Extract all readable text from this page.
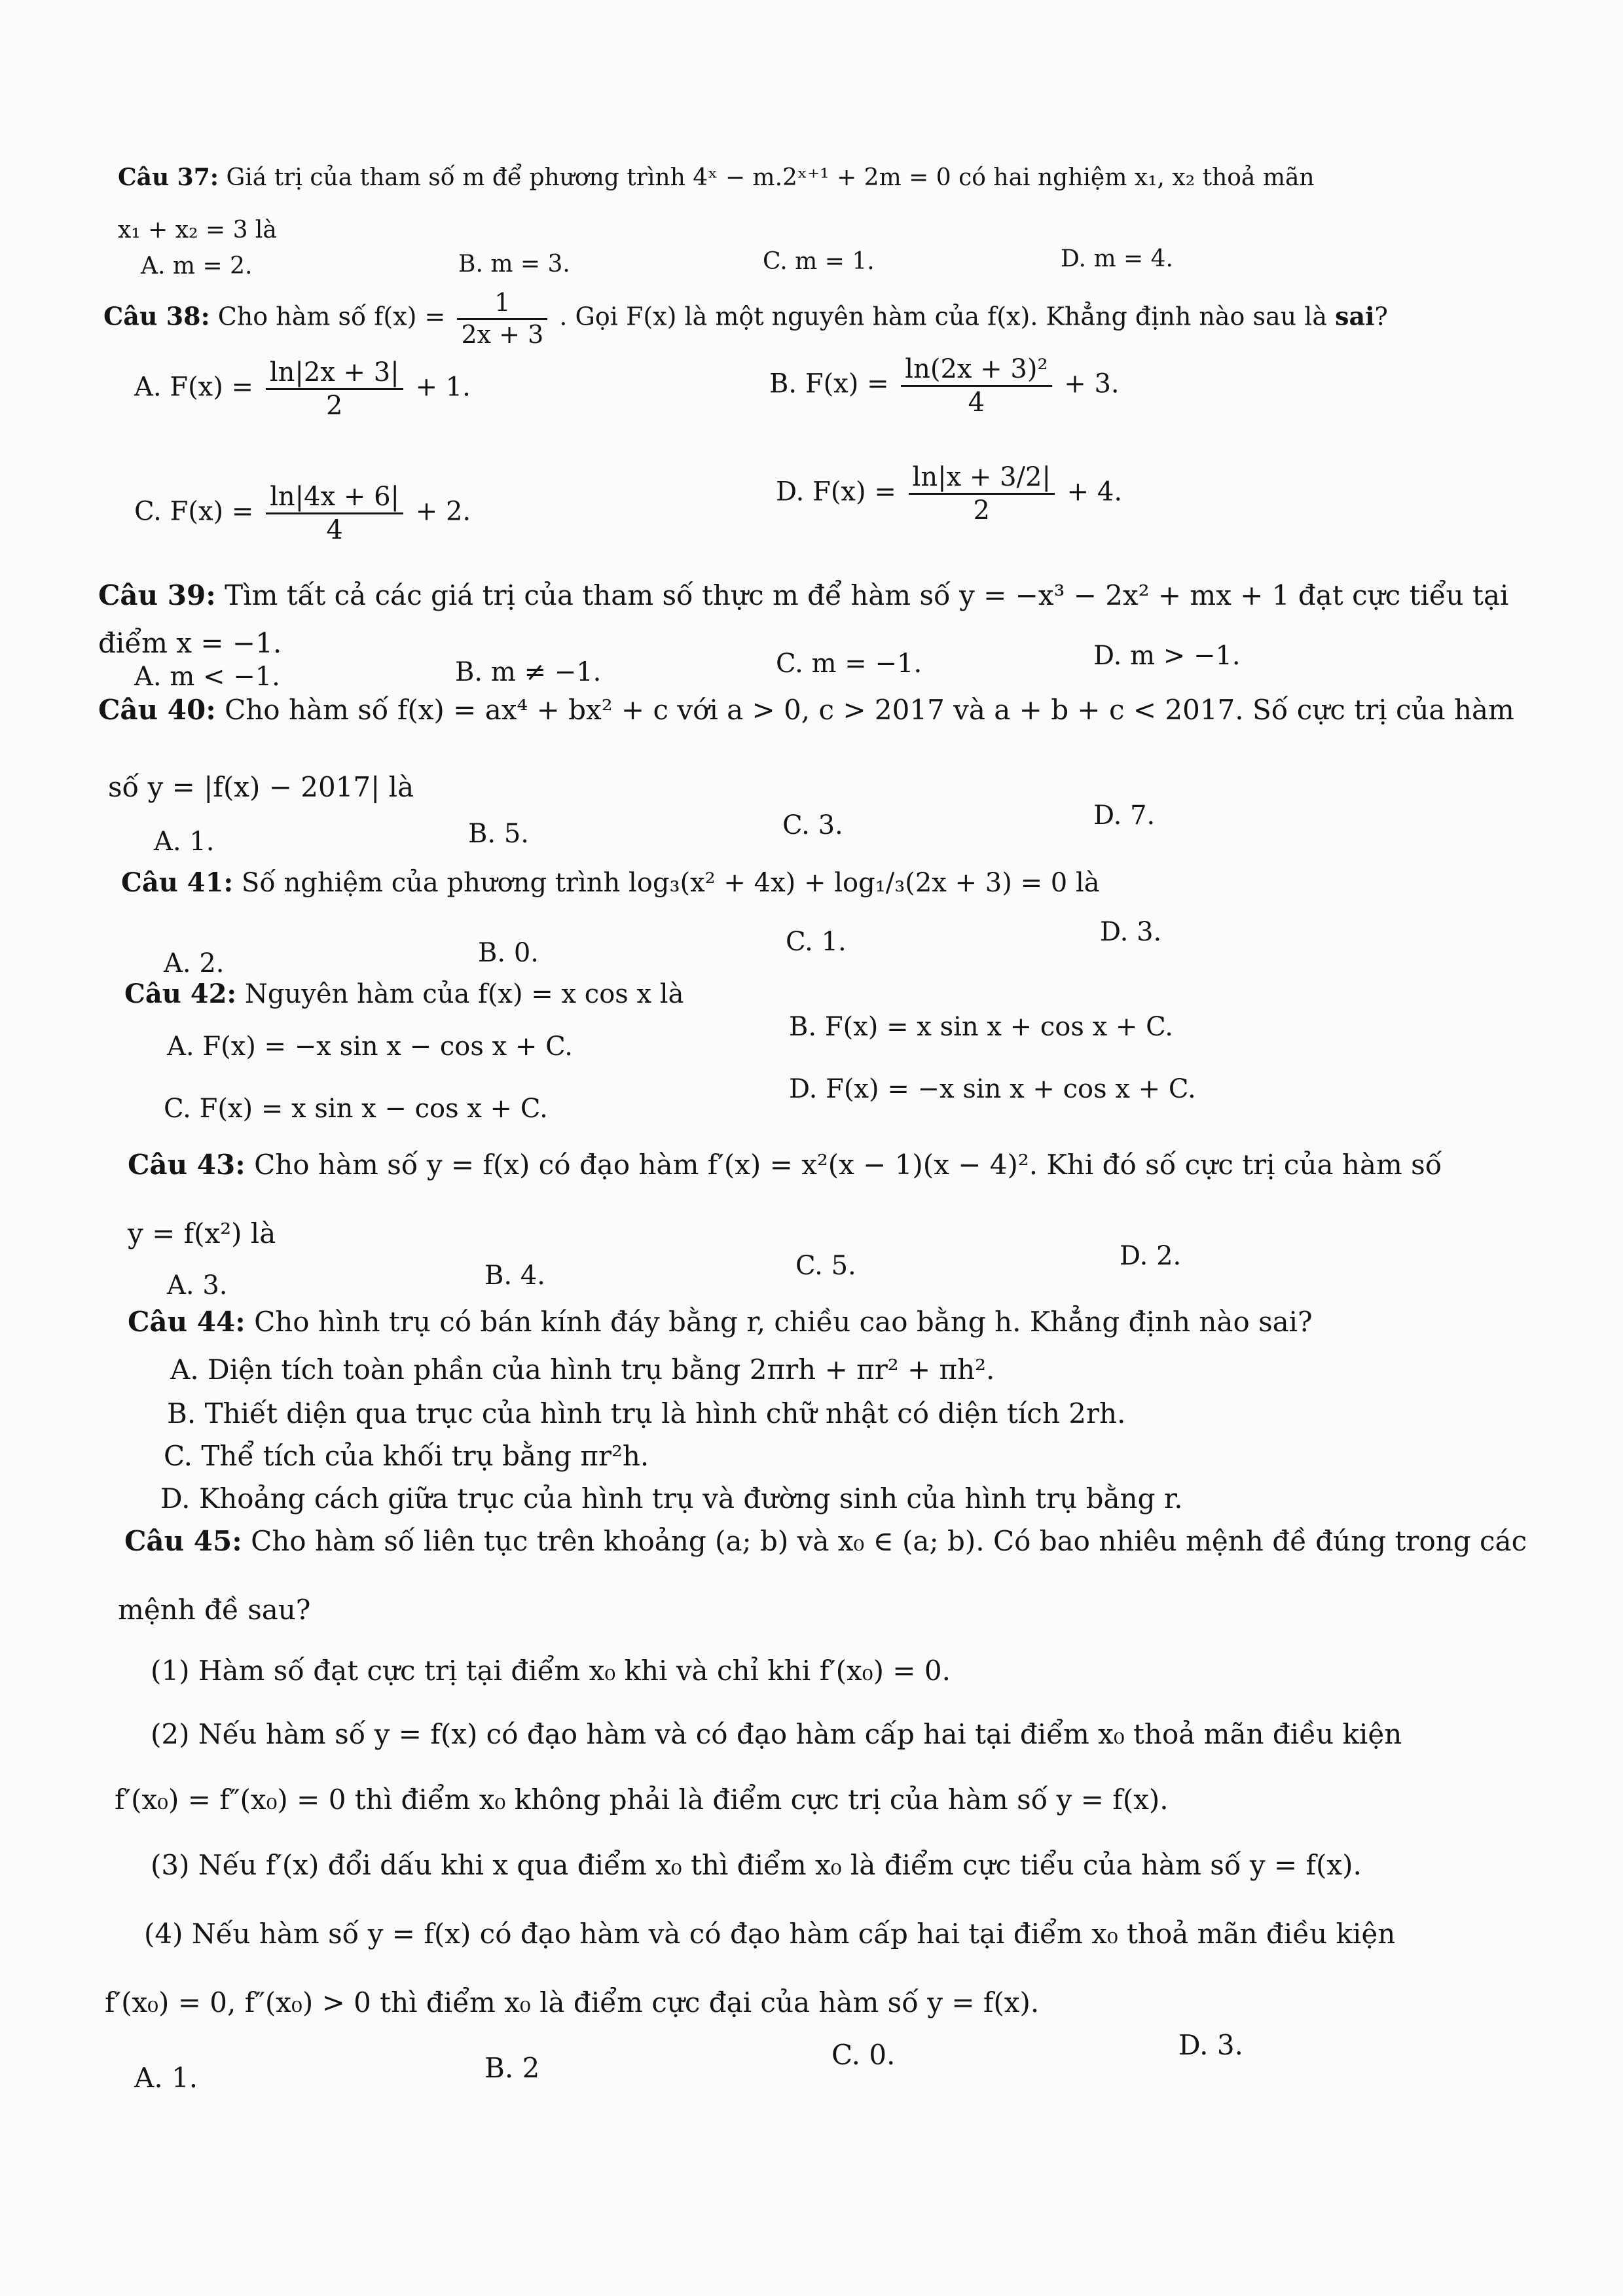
Câu 37: Giá trị của tham số m để phương trình 4ˣ − m.2ˣ⁺¹ + 2m = 0 có hai nghiệm x₁, x₂ thoả mãn
x₁ + x₂ = 3 là
A. m = 2.	B. m = 3.	C. m = 1.	D. m = 4.
Câu 38: Cho hàm số $f(x) = \frac{1}{2x + 3}$ . Gọi F(x) là một nguyên hàm của f(x). Khẳng định nào sau là sai?
A. $F(x) = \frac{\ln|2x + 3|}{2} + 1$.	B. $F(x) = \frac{\text{ln(2x + 3)²}}{4} + 3$.
C. $F(x) = \frac{\ln|4x + 6|}{4} + 2$.
D. $F(x) = \frac{\ln|x + 3/2|}{2} + 4$.
Câu 39: Tìm tất cả các giá trị của tham số thực m để hàm số y = −x³ − 2x² + mx + 1 đạt cực tiểu tại
điểm x = −1.
A. m < −1.	B. m ≠ −1.	C. m = −1.	D. m > −1.
Câu 40: Cho hàm số f(x) = ax⁴ + bx² + c với a > 0, c > 2017 và a + b + c < 2017. Số cực trị của hàm
số y = |f(x) − 2017| là
A. 1.	B. 5.	C. 3.	D. 7.
Câu 41: Số nghiệm của phương trình log₃(x² + 4x) + log₁/₃(2x + 3) = 0 là
A. 2.	B. 0.	C. 1.	D. 3.
Câu 42: Nguyên hàm của f(x) = x cos x là
A. F(x) = −x sin x − cos x + C.
B. F(x) = x sin x + cos x + C.
C. F(x) = x sin x − cos x + C.
D. F(x) = −x sin x + cos x + C.
Câu 43: Cho hàm số y = f(x) có đạo hàm f′(x) = x²(x − 1)(x − 4)². Khi đó số cực trị của hàm số
y = f(x²) là
A. 3.	B. 4.	C. 5.	D. 2.
Câu 44: Cho hình trụ có bán kính đáy bằng r, chiều cao bằng h. Khẳng định nào sai?
A. Diện tích toàn phần của hình trụ bằng 2πrh + πr² + πh².
B. Thiết diện qua trục của hình trụ là hình chữ nhật có diện tích 2rh.
C. Thể tích của khối trụ bằng πr²h.
D. Khoảng cách giữa trục của hình trụ và đường sinh của hình trụ bằng r.
Câu 45: Cho hàm số liên tục trên khoảng (a; b) và x₀ ∈ (a; b). Có bao nhiêu mệnh đề đúng trong các
mệnh đề sau?
(1) Hàm số đạt cực trị tại điểm x₀ khi và chỉ khi f′(x₀) = 0.
(2) Nếu hàm số y = f(x) có đạo hàm và có đạo hàm cấp hai tại điểm x₀ thoả mãn điều kiện
f′(x₀) = f″(x₀) = 0 thì điểm x₀ không phải là điểm cực trị của hàm số y = f(x).
(3) Nếu f′(x) đổi dấu khi x qua điểm x₀ thì điểm x₀ là điểm cực tiểu của hàm số y = f(x).
(4) Nếu hàm số y = f(x) có đạo hàm và có đạo hàm cấp hai tại điểm x₀ thoả mãn điều kiện
f′(x₀) = 0, f″(x₀) > 0 thì điểm x₀ là điểm cực đại của hàm số y = f(x).
A. 1.	B. 2	C. 0.	D. 3.
